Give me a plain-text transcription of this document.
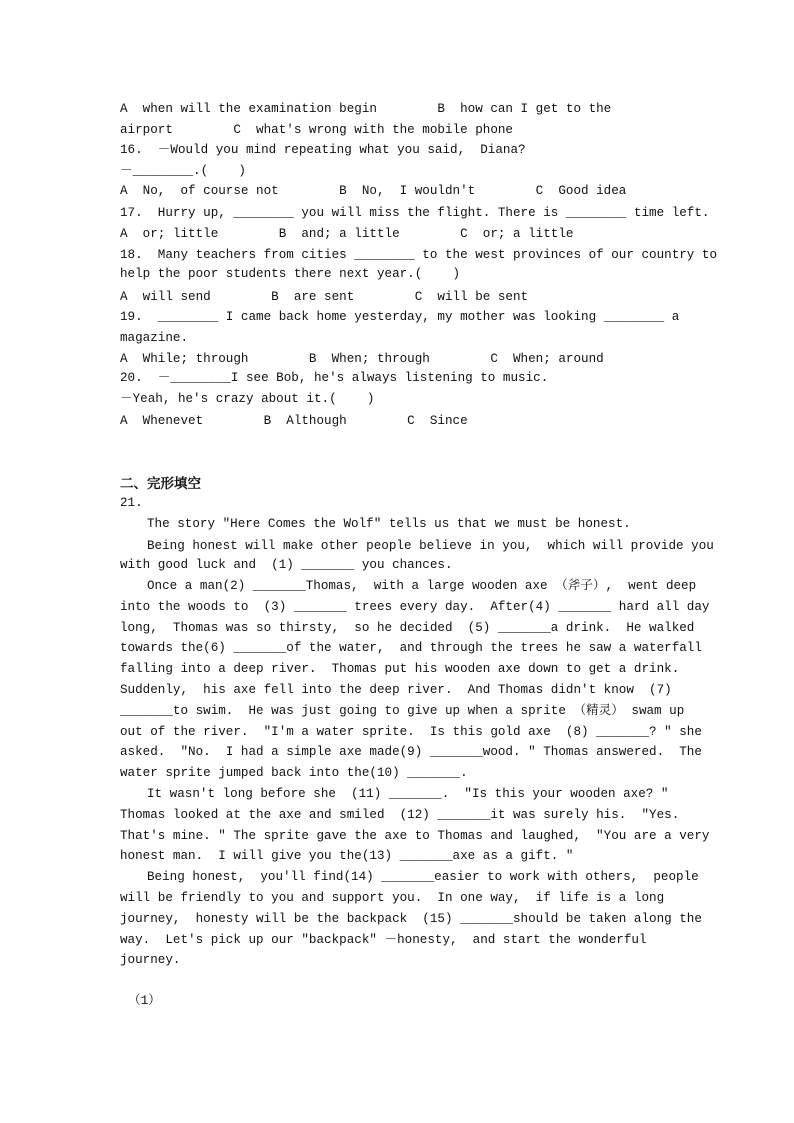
A  when will the examination begin        B  how can I get to the
airport        C  what's wrong with the mobile phone
16.  －Would you mind repeating what you said,  Diana?
－________.(    )
A  No,  of course not        B  No,  I wouldn't        C  Good idea
17.  Hurry up, ________ you will miss the flight. There is ________ time left.
A  or; little        B  and; a little        C  or; a little
18.  Many teachers from cities ________ to the west provinces of our country to
help the poor students there next year.(    )
A  will send        B  are sent        C  will be sent
19.  ________ I came back home yesterday, my mother was looking ________ a
magazine.
A  While; through        B  When; through        C  When; around
20.  －________I see Bob, he's always listening to music.
－Yeah, he's crazy about it.(    )
A  Whenevet        B  Although        C  Since
二、完形填空
21.
The story "Here Comes the Wolf" tells us that we must be honest.
Being honest will make other people believe in you,  which will provide you
with good luck and  (1) _______ you chances.
Once a man(2) _______Thomas,  with a large wooden axe （斧子）,  went deep
into the woods to  (3) _______ trees every day.  After(4) _______ hard all day
long,  Thomas was so thirsty,  so he decided  (5) _______a drink.  He walked
towards the(6) _______of the water,  and through the trees he saw a waterfall
falling into a deep river.  Thomas put his wooden axe down to get a drink.
Suddenly,  his axe fell into the deep river.  And Thomas didn't know  (7)
_______to swim.  He was just going to give up when a sprite （精灵） swam up
out of the river.  "I'm a water sprite.  Is this gold axe  (8) _______? " she
asked.  "No.  I had a simple axe made(9) _______wood. " Thomas answered.  The
water sprite jumped back into the(10) _______.
It wasn't long before she  (11) _______.  "Is this your wooden axe? "
Thomas looked at the axe and smiled  (12) _______it was surely his.  "Yes.
That's mine. " The sprite gave the axe to Thomas and laughed,  "You are a very
honest man.  I will give you the(13) _______axe as a gift. "
Being honest,  you'll find(14) _______easier to work with others,  people
will be friendly to you and support you.  In one way,  if life is a long
journey,  honesty will be the backpack  (15) _______should be taken along the
way.  Let's pick up our "backpack" －honesty,  and start the wonderful
journey.
（1）
